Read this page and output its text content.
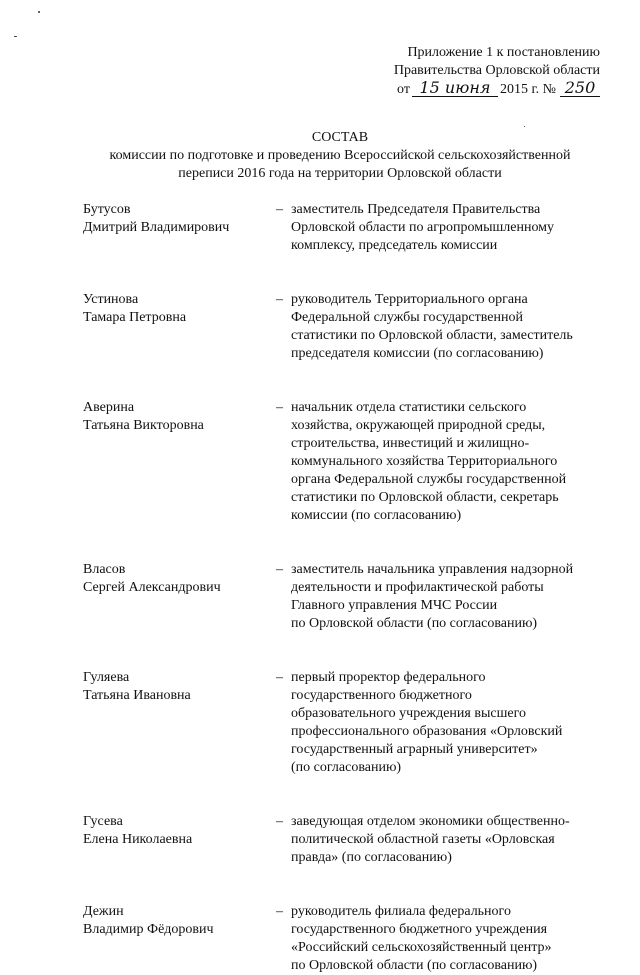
Приложение 1 к постановлению
Правительства Орловской области
от 15 июня 2015 г. № 250
СОСТАВ
комиссии по подготовке и проведению Всероссийской сельскохозяйственной
переписи 2016 года на территории Орловской области
Бутусов
Дмитрий Владимирович
– заместитель Председателя Правительства
Орловской области по агропромышленному
комплексу, председатель комиссии
Устинова
Тамара Петровна
– руководитель Территориального органа
Федеральной службы государственной
статистики по Орловской области, заместитель
председателя комиссии (по согласованию)
Аверина
Татьяна Викторовна
– начальник отдела статистики сельского
хозяйства, окружающей природной среды,
строительства, инвестиций и жилищно-
коммунального хозяйства Территориального
органа Федеральной службы государственной
статистики по Орловской области, секретарь
комиссии (по согласованию)
Власов
Сергей Александрович
– заместитель начальника управления надзорной
деятельности и профилактической работы
Главного управления МЧС России
по Орловской области (по согласованию)
Гуляева
Татьяна Ивановна
– первый проректор федерального
государственного бюджетного
образовательного учреждения высшего
профессионального образования «Орловский
государственный аграрный университет»
(по согласованию)
Гусева
Елена Николаевна
– заведующая отделом экономики общественно-
политической областной газеты «Орловская
правда» (по согласованию)
Дежин
Владимир Фёдорович
– руководитель филиала федерального
государственного бюджетного учреждения
«Российский сельскохозяйственный центр»
по Орловской области (по согласованию)
